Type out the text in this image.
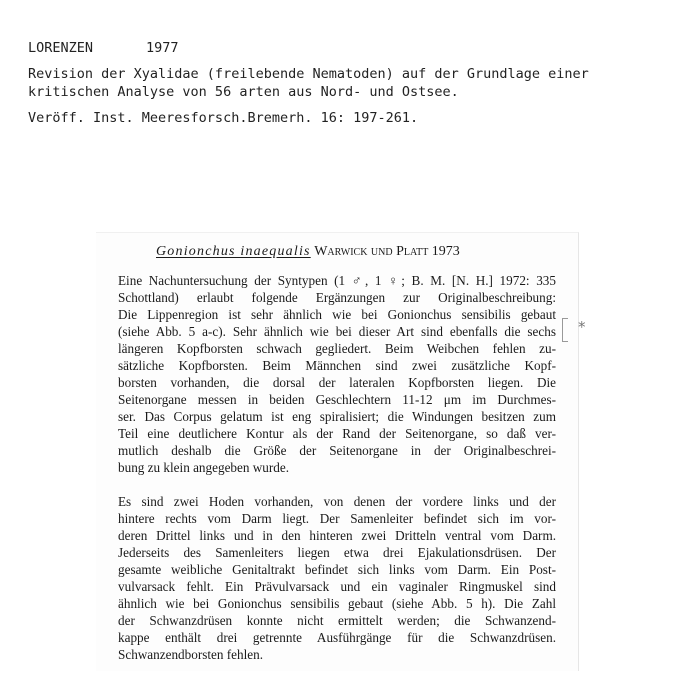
LORENZEN	1977
Revision der Xyalidae (freilebende Nematoden) auf der Grundlage einer
kritischen Analyse von 56 arten aus Nord- und Ostsee.
Veröff. Inst. Meeresforsch.Bremerh. 16: 197-261.
Gonionchus inaequalis Warwick und Platt 1973
Eine Nachuntersuchung der Syntypen (1 ♂, 1 ♀; B. M. [N. H.] 1972: 335
Schottland) erlaubt folgende Ergänzungen zur Originalbeschreibung:
Die Lippenregion ist sehr ähnlich wie bei Gonionchus sensibilis gebaut
(siehe Abb. 5 a-c). Sehr ähnlich wie bei dieser Art sind ebenfalls die sechs
längeren Kopfborsten schwach gegliedert. Beim Weibchen fehlen zu-
sätzliche Kopfborsten. Beim Männchen sind zwei zusätzliche Kopf-
borsten vorhanden, die dorsal der lateralen Kopfborsten liegen. Die
Seitenorgane messen in beiden Geschlechtern 11-12 μm im Durchmes-
ser. Das Corpus gelatum ist eng spiralisiert; die Windungen besitzen zum
Teil eine deutlichere Kontur als der Rand der Seitenorgane, so daß ver-
mutlich deshalb die Größe der Seitenorgane in der Originalbeschrei-
bung zu klein angegeben wurde.
Es sind zwei Hoden vorhanden, von denen der vordere links und der
hintere rechts vom Darm liegt. Der Samenleiter befindet sich im vor-
deren Drittel links und in den hinteren zwei Dritteln ventral vom Darm.
Jederseits des Samenleiters liegen etwa drei Ejakulationsdrüsen. Der
gesamte weibliche Genitaltrakt befindet sich links vom Darm. Ein Post-
vulvarsack fehlt. Ein Prävulvarsack und ein vaginaler Ringmuskel sind
ähnlich wie bei Gonionchus sensibilis gebaut (siehe Abb. 5 h). Die Zahl
der Schwanzdrüsen konnte nicht ermittelt werden; die Schwanzend-
kappe enthält drei getrennte Ausführgänge für die Schwanzdrüsen.
Schwanzendborsten fehlen.
*
